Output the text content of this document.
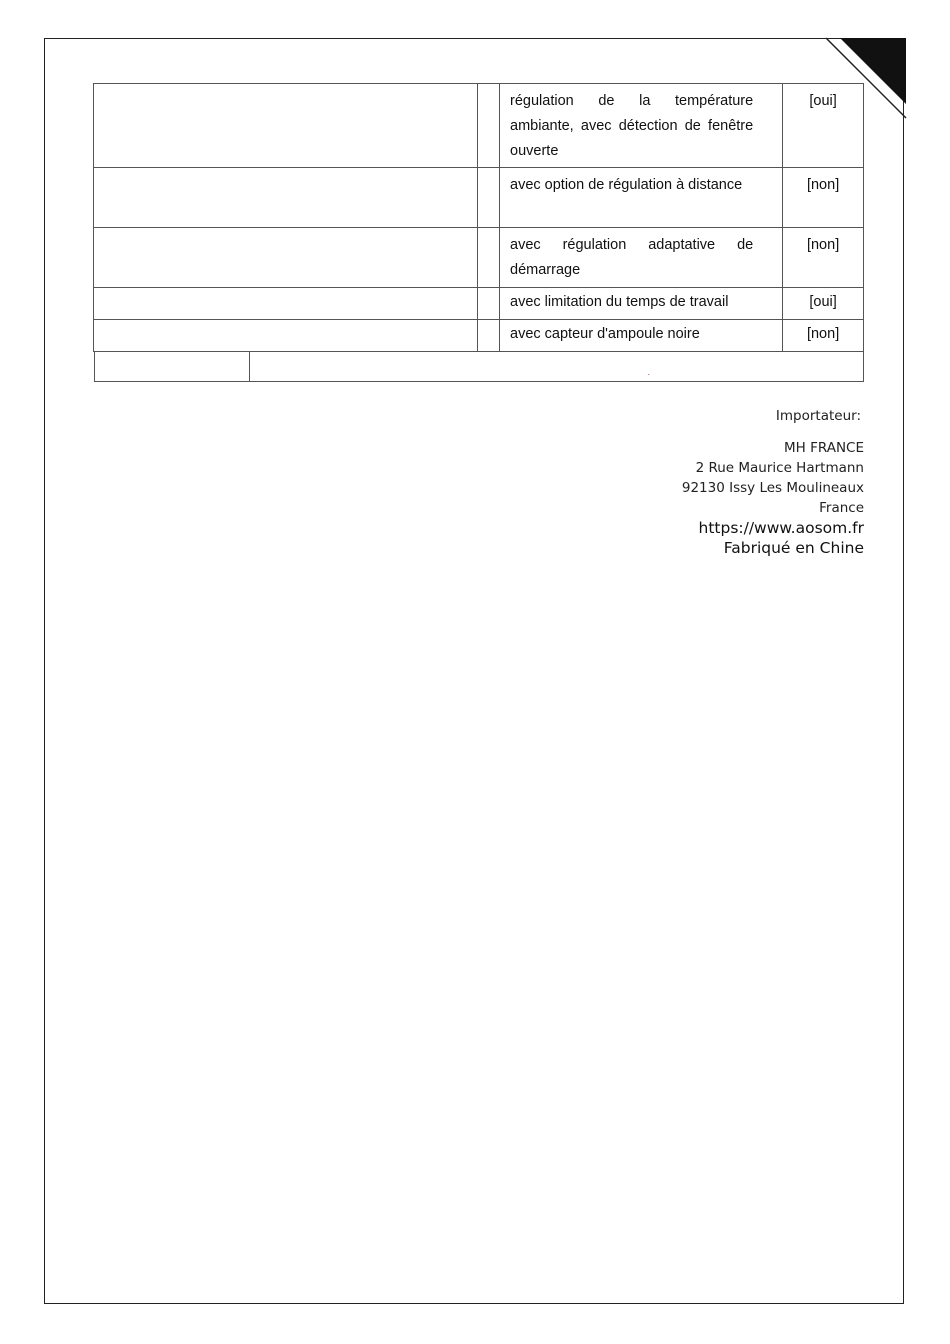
		régulation de la température ambiante, avec détection de fenêtre ouverte	[oui]
		avec option de régulation à distance	[non]
		avec régulation adaptative de démarrage	[non]
		avec limitation du temps de travail	[oui]
		avec capteur d'ampoule noire	[non]

.
Importateur:
MH FRANCE
2 Rue Maurice Hartmann
92130 Issy Les Moulineaux
France
https://www.aosom.fr
Fabriqué en Chine
